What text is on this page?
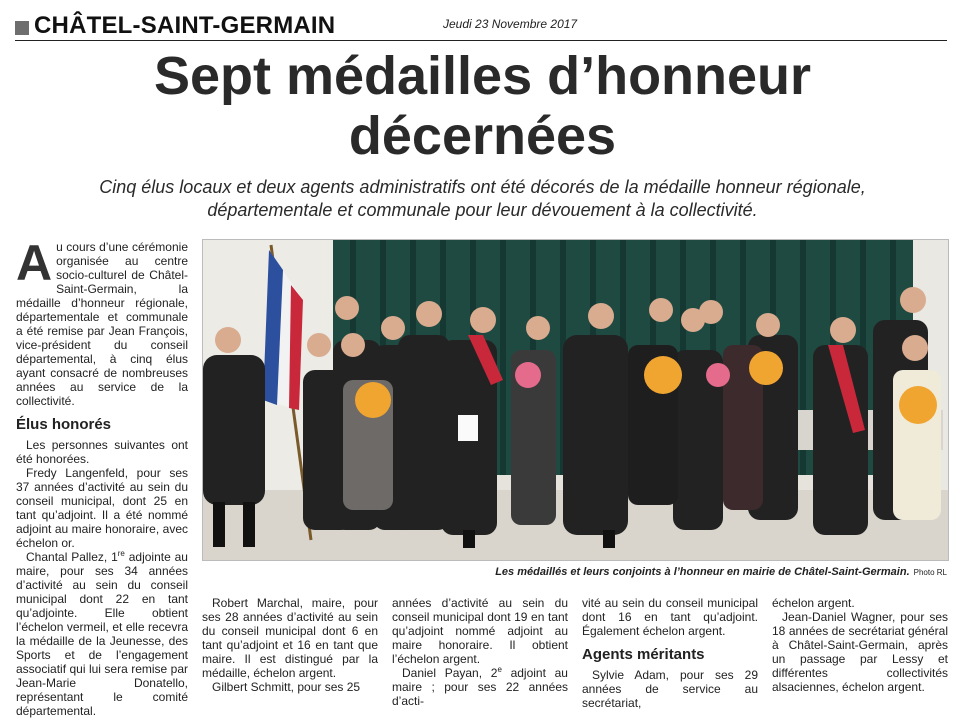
CHÂTEL-SAINT-GERMAIN	Jeudi 23 Novembre 2017
Sept médailles d’honneur
décernées
Cinq élus locaux et deux agents administratifs ont été décorés de la médaille honneur régionale,
départementale et communale pour leur dévouement à la collectivité.

Au cours d’une cérémonie organisée au centre socio-culturel de Châtel-Saint-Germain, la médaille d’honneur régionale, départementale et communale a été remise par Jean François, vice-président du conseil départemental, à cinq élus ayant consacré de nombreuses années au service de la collectivité.

Élus honorés

Les personnes suivantes ont été honorées.

Fredy Langenfeld, pour ses 37 années d’activité au sein du conseil municipal, dont 25 en tant qu’adjoint. Il a été nommé adjoint au maire honoraire, avec échelon or.

Chantal Pallez, 1re adjointe au maire, pour ses 34 années d’activité au sein du conseil municipal dont 22 en tant qu’adjointe. Elle obtient l’échelon vermeil, et elle recevra la médaille de la Jeunesse, des Sports et de l’engagement associatif qui lui sera remise par Jean-Marie Donatello, représentant le comité départemental.

Les médaillés et leurs conjoints à l’honneur en mairie de Châtel-Saint-Germain. Photo RL

Robert Marchal, maire, pour ses 28 années d’activité au sein du conseil municipal dont 6 en tant qu’adjoint et 16 en tant que maire. Il est distingué par la médaille, échelon argent.

Gilbert Schmitt, pour ses 25

années d’activité au sein du conseil municipal dont 19 en tant qu’adjoint nommé adjoint au maire honoraire. Il obtient l’échelon argent.

Daniel Payan, 2e adjoint au maire ; pour ses 22 années d’acti-

vité au sein du conseil municipal dont 16 en tant qu’adjoint. Également échelon argent.

Agents méritants

Sylvie Adam, pour ses 29 années de service au secrétariat,

échelon argent.

Jean-Daniel Wagner, pour ses 18 années de secrétariat général à Châtel-Saint-Germain, après un passage par Lessy et différentes collectivités alsaciennes, échelon argent.
